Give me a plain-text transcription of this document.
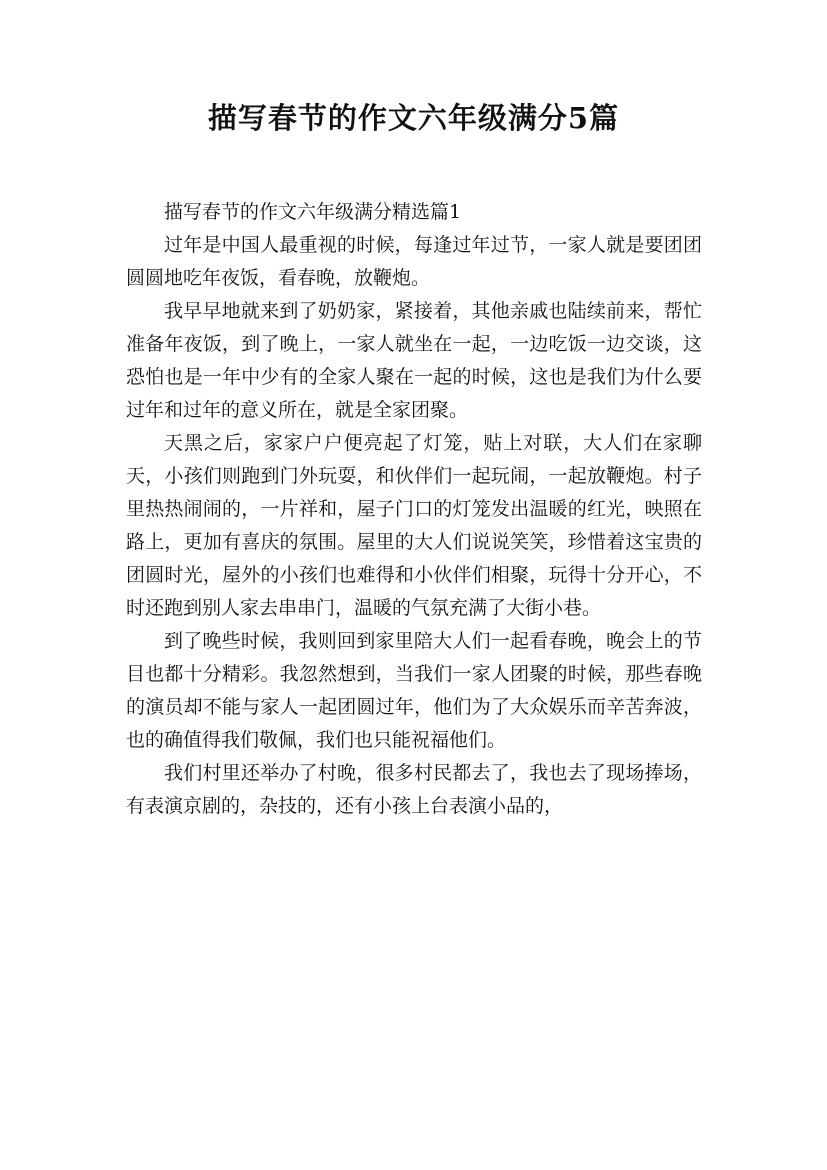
描写春节的作文六年级满分5篇

描写春节的作文六年级满分精选篇1

过年是中国人最重视的时候，每逢过年过节，一家人就是要团团圆圆地吃年夜饭，看春晚，放鞭炮。

我早早地就来到了奶奶家，紧接着，其他亲戚也陆续前来，帮忙准备年夜饭，到了晚上，一家人就坐在一起，一边吃饭一边交谈，这恐怕也是一年中少有的全家人聚在一起的时候，这也是我们为什么要过年和过年的意义所在，就是全家团聚。

天黑之后，家家户户便亮起了灯笼，贴上对联，大人们在家聊天，小孩们则跑到门外玩耍，和伙伴们一起玩闹，一起放鞭炮。村子里热热闹闹的，一片祥和，屋子门口的灯笼发出温暖的红光，映照在路上，更加有喜庆的氛围。屋里的大人们说说笑笑，珍惜着这宝贵的团圆时光，屋外的小孩们也难得和小伙伴们相聚，玩得十分开心，不时还跑到别人家去串串门，温暖的气氛充满了大街小巷。

到了晚些时候，我则回到家里陪大人们一起看春晚，晚会上的节目也都十分精彩。我忽然想到，当我们一家人团聚的时候，那些春晚的演员却不能与家人一起团圆过年，他们为了大众娱乐而辛苦奔波，也的确值得我们敬佩，我们也只能祝福他们。

我们村里还举办了村晚，很多村民都去了，我也去了现场捧场，有表演京剧的，杂技的，还有小孩上台表演小品的，
